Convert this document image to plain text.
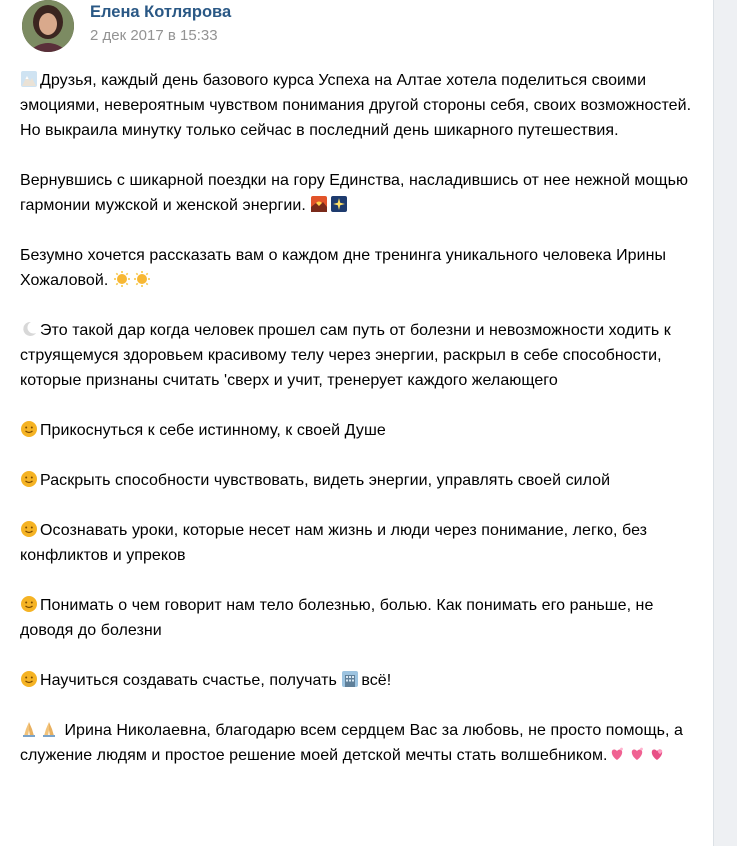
Елена Котлярова
2 дек 2017 в 15:33

Друзья, каждый день базового курса Успеха на Алтае хотела поделиться своими эмоциями, невероятным чувством понимания другой стороны себя, своих возможностей. Но выкраила минутку только сейчас в последний день шикарного путешествия.

Вернувшись с шикарной поездки на гору Единства, насладившись от нее нежной мощью гармонии мужской и женской энергии.

Безумно хочется рассказать вам о каждом дне тренинга уникального человека Ирины Хожаловой.

Это такой дар когда человек прошел сам путь от болезни и невозможности ходить к струящемуся здоровьем красивому телу через энергии, раскрыл в себе способности, которые признаны считать 'сверх и учит, тренерует каждого желающего

Прикоснуться к себе истинному, к своей Душе

Раскрыть способности чувствовать, видеть энергии, управлять своей силой

Осознавать уроки, которые несет нам жизнь и люди через понимание, легко, без конфликтов и упреков

Понимать о чем говорит нам тело болезнью, болью. Как понимать его раньше, не доводя до болезни

Научиться создавать счастье, получать всё!

Ирина Николаевна, благодарю всем сердцем Вас за любовь, не просто помощь, а служение людям и простое решение моей детской мечты стать волшебником.
